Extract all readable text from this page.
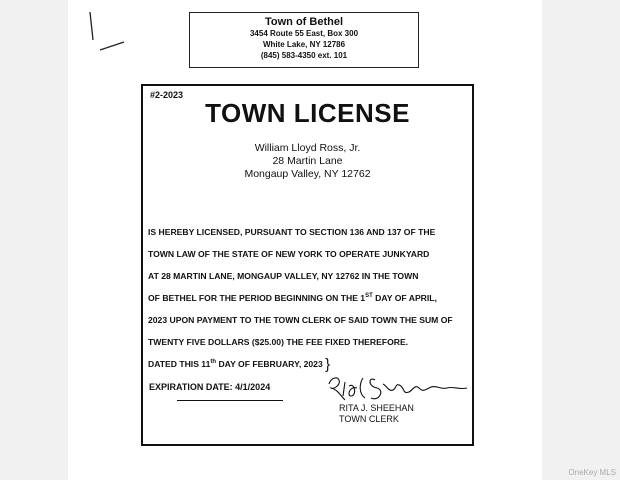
Town of Bethel
3454 Route 55 East, Box 300
White Lake, NY 12786
(845) 583-4350 ext. 101
#2-2023
TOWN LICENSE
William Lloyd Ross, Jr.
28 Martin Lane
Mongaup Valley, NY 12762
IS HEREBY LICENSED, PURSUANT TO SECTION 136 AND 137 OF THE
TOWN LAW OF THE STATE OF NEW YORK TO OPERATE JUNKYARD
AT 28 MARTIN LANE, MONGAUP VALLEY, NY 12762 IN THE TOWN
OF BETHEL FOR THE PERIOD BEGINNING ON THE 1ST DAY OF APRIL,
2023 UPON PAYMENT TO THE TOWN CLERK OF SAID TOWN THE SUM OF
TWENTY FIVE DOLLARS ($25.00) THE FEE FIXED THEREFORE.
DATED THIS 11th DAY OF FEBRUARY, 2023 }
EXPIRATION DATE: 4/1/2024
RITA J. SHEEHAN
TOWN CLERK
OneKey MLS
